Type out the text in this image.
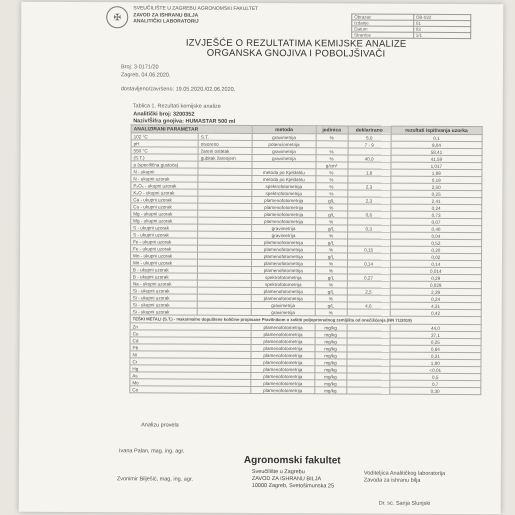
✠
SVEUČILIŠTE U ZAGREBU AGRONOMSKI FAKULTET
ZAVOD ZA ISHRANU BILJA
ANALITIČKI LABORATORIJ
Obrazac	OB-022
Izdanje	01
Datum	03
Stranica	1/1
IZVJEŠĆE O REZULTATIMA KEMIJSKE ANALIZE
ORGANSKA GNOJIVA I POBOLJŠIVAČI
Broj: 3-0171/20
Zagreb, 04.06.2020.
dostavljeno/završeno: 19.05.2020./02.06.2020.
Tablica 1. Rezultati kemijske analize
Analitički broj: 3200352					
Naziv/Šifra gnojiva: HUMASTAR 500 ml					
ANALIZIRANI PARAMETAR		metoda	jedinica	deklarirano	rezultati ispitivanja uzorka
102 °C	S.T.	gravimetrija	%	5,0	0,1
pH	otvoreno	potenciometrija		7 - 9	9,04
550 °C	žareni ostatak	gravimetrija	%		58,41
(S.T.)	gubitak žarenjem	gravimetrija	%	40,0	41,59
ρ (specifična gustoća)			g/cm³		1,017
N - ukupni		metoda po Kjeldahlu	%	1,8	1,89
N - ukupni uzorak		metoda po Kjeldahlu	%		0,19
P₂O₅ - ukupni uzorak		spektrofotometrija	%	2,3	2,50
K₂O - ukupni uzorak		spektrofotometrija	%		0,25
Ca - ukupni uzorak		plamenofotometrija	g/L	2,3	2,41
Cu - ukupni uzorak		plamenofotometrija	%		0,24
Mg - ukupni uzorak		plamenofotometrija	g/L	0,6	0,73
Mg - ukupni uzorak		plamenofotometrija	%		0,07
S - ukupni uzorak		gravimetrija	g/L	0,3	0,40
S - ukupni uzorak		gravimetrija	%		0,04
Fe - ukupni uzorak		plamenofotometrija	g/L		0,52
Fe - ukupni uzorak		plamenofotometrija	%	0,15	0,20
Mn - ukupni uzorak		plamenofotometrija	g/L		0,02
Mn - ukupni uzorak		plamenofotometrija	%	0,14	0,14
B - ukupni uzorak		plamenofotometrija	%		0,014
B - ukupni uzorak		spektrofotometrija	g/L	0,27	0,29
Na - ukupni uzorak		spektrofotometrija	%		0,029
Si - ukupni uzorak		plamenofotometrija	g/L	2,5	2,39
Si - ukupni uzorak		plamenofotometrija	%		0,24
Si - ukupni uzorak		gravimetrija	g/L	4,6	4,31
Si - ukupni uzorak		gravimetrija	%		0,42
TEŠKI METALI (S.T.) - maksimalne dopuštene količine propisane Pravilnikom o zaštiti poljoprivrednog zemljišta od onečišćenja (NN 71/2019)					
Zn		plamenofotometrija	mg/kg		44,0
Cu		plamenofotometrija	mg/kg		37,1
Cd		plamenofotometrija	mg/kg		0,25
Pb		plamenofotometrija	mg/kg		0,64
Ni		plamenofotometrija	mg/kg		0,31
Cr		plamenofotometrija	mg/kg		1,80
Hg		plamenofotometrija	mg/kg		<0,01
As		plamenofotometrija	mg/kg		0,5
Mo		plamenofotometrija	mg/kg		0,7
Co		plamenofotometrija	mg/kg		0,30
Analizu provela
Ivana Palan, mag. ing. agr.
Zvonimir Bilješić, mag. ing. agr.
Agronomski fakultet
Sveučilište u Zagrebu
ZAVOD ZA ISHRANU BILJA
10000 Zagreb, Svetošimunska 25
Voditeljica Analitičkog laboratorija
Zavoda za ishranu bilja
Dr. sc. Sanja Slunjski
